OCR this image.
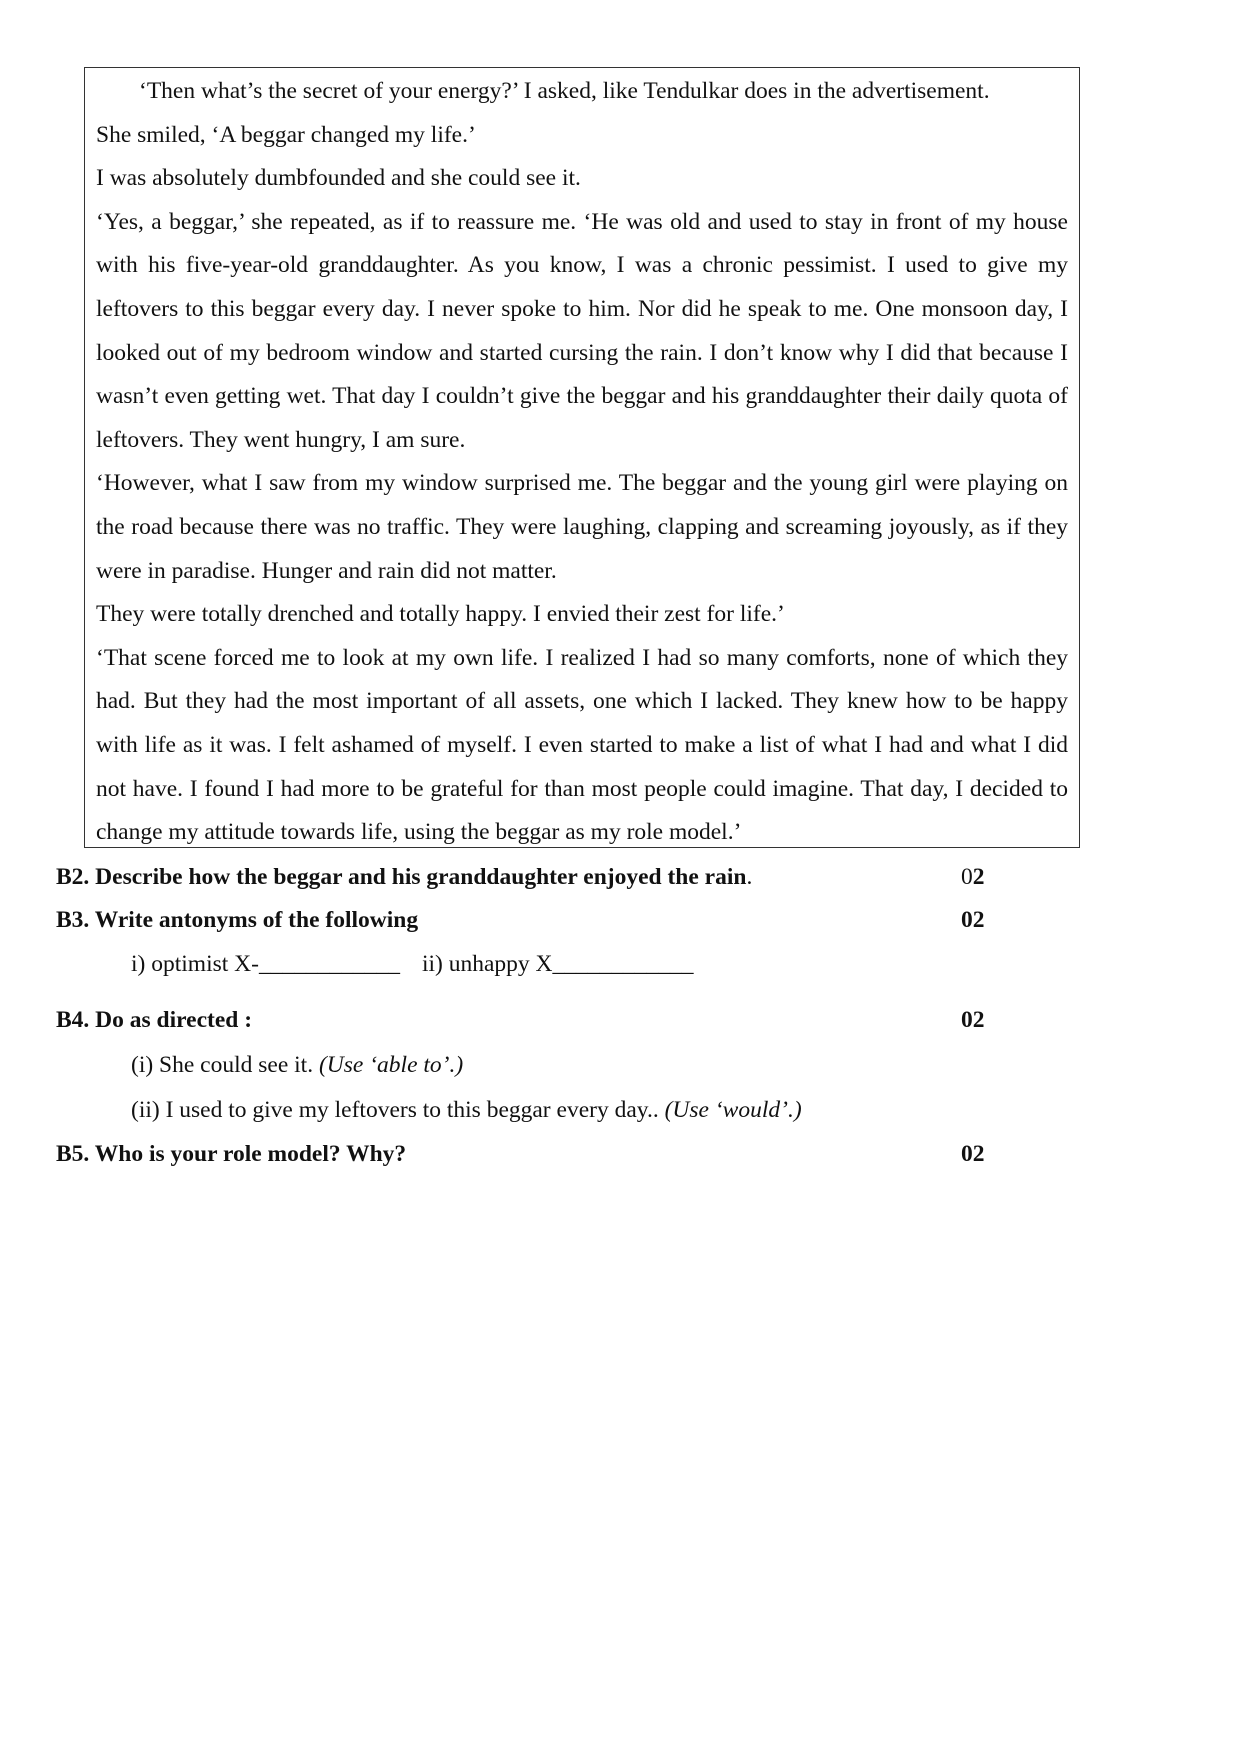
‘Then what’s the secret of your energy?’ I asked, like Tendulkar does in the advertisement.

She smiled, ‘A beggar changed my life.’

I was absolutely dumbfounded and she could see it.

‘Yes, a beggar,’ she repeated, as if to reassure me. ‘He was old and used to stay in front of my house with his five-year-old granddaughter. As you know, I was a chronic pessimist. I used to give my leftovers to this beggar every day. I never spoke to him. Nor did he speak to me. One monsoon day, I looked out of my bedroom window and started cursing the rain. I don’t know why I did that because I wasn’t even getting wet. That day I couldn’t give the beggar and his granddaughter their daily quota of leftovers. They went hungry, I am sure.

‘However, what I saw from my window surprised me. The beggar and the young girl were playing on the road because there was no traffic. They were laughing, clapping and screaming joyously, as if they were in paradise. Hunger and rain did not matter.

They were totally drenched and totally happy. I envied their zest for life.’

‘That scene forced me to look at my own life. I realized I had so many comforts, none of which they had. But they had the most important of all assets, one which I lacked. They knew how to be happy with life as it was. I felt ashamed of myself. I even started to make a list of what I had and what I did not have. I found I had more to be grateful for than most people could imagine. That day, I decided to change my attitude towards life, using the beggar as my role model.’

B2. Describe how the beggar and his granddaughter enjoyed the rain.	02
B3. Write antonyms of the following	02
i) optimist X-____________ ii) unhappy X____________
B4. Do as directed :	02
(i) She could see it. (Use ‘able to’.)
(ii) I used to give my leftovers to this beggar every day.. (Use ‘would’.)
B5. Who is your role model? Why?	02
